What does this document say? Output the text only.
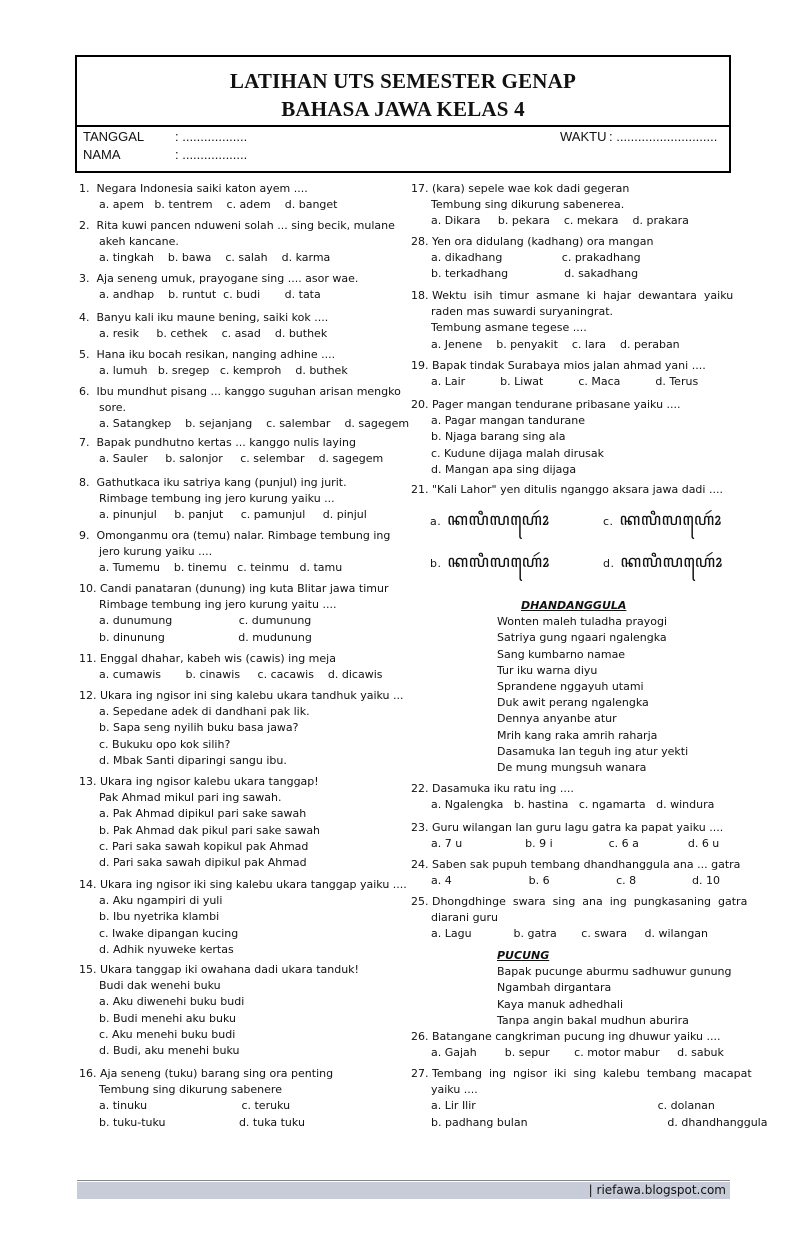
LATIHAN UTS SEMESTER GENAP
BAHASA JAWA KELAS 4
TANGGAL : ..................
NAMA	: ..................
WAKTU : ............................
1.  Negara Indonesia saiki katon ayem ....
a. apem   b. tentrem    c. adem    d. banget
2.  Rita kuwi pancen nduweni solah ... sing becik, mulane
akeh kancane.
a. tingkah    b. bawa    c. salah    d. karma
3.  Aja seneng umuk, prayogane sing .... asor wae.
a. andhap    b. runtut  c. budi       d. tata
4.  Banyu kali iku maune bening, saiki kok ....
a. resik     b. cethek    c. asad    d. buthek
5.  Hana iku bocah resikan, nanging adhine ....
a. lumuh   b. sregep   c. kemproh    d. buthek
6.  Ibu mundhut pisang ... kanggo suguhan arisan mengko
sore.
a. Satangkep    b. sejanjang    c. salembar    d. sagegem
7.  Bapak pundhutno kertas ... kanggo nulis laying
a. Sauler     b. salonjor     c. selembar    d. sagegem
8.  Gathutkaca iku satriya kang (punjul) ing jurit.
Rimbage tembung ing jero kurung yaiku ...
a. pinunjul     b. panjut     c. pamunjul     d. pinjul
9.  Omonganmu ora (temu) nalar. Rimbage tembung ing
jero kurung yaiku ....
a. Tumemu    b. tinemu   c. teinmu   d. tamu
10. Candi panataran (dunung) ing kuta Blitar jawa timur
Rimbage tembung ing jero kurung yaitu ....
a. dunumung                   c. dumunung
b. dinunung                     d. mudunung
11. Enggal dhahar, kabeh wis (cawis) ing meja
a. cumawis       b. cinawis     c. cacawis    d. dicawis
12. Ukara ing ngisor ini sing kalebu ukara tandhuk yaiku ...
a. Sepedane adek di dandhani pak lik.
b. Sapa seng nyilih buku basa jawa?
c. Bukuku opo kok silih?
d. Mbak Santi diparingi sangu ibu.
13. Ukara ing ngisor kalebu ukara tanggap!
Pak Ahmad mikul pari ing sawah.
a. Pak Ahmad dipikul pari sake sawah
b. Pak Ahmad dak pikul pari sake sawah
c. Pari saka sawah kopikul pak Ahmad
d. Pari saka sawah dipikul pak Ahmad
14. Ukara ing ngisor iki sing kalebu ukara tanggap yaiku ....
a. Aku ngampiri di yuli
b. Ibu nyetrika klambi
c. Iwake dipangan kucing
d. Adhik nyuweke kertas
15. Ukara tanggap iki owahana dadi ukara tanduk!
Budi dak wenehi buku
a. Aku diwenehi buku budi
b. Budi menehi aku buku
c. Aku menehi buku budi
d. Budi, aku menehi buku
16. Aja seneng (tuku) barang sing ora penting
Tembung sing dikurung sabenere
a. tinuku                           c. teruku
b. tuku-tuku                     d. tuka tuku
17. (kara) sepele wae kok dadi gegeran
Tembung sing dikurung sabenerea.
a. Dikara     b. pekara    c. mekara    d. prakara
28. Yen ora didulang (kadhang) ora mangan
a. dikadhang                 c. prakadhang
b. terkadhang                d. sakadhang
18. Wektu  isih  timur  asmane  ki  hajar  dewantara  yaiku
raden mas suwardi suryaningrat.
Tembung asmane tegese ....
a. Jenene    b. penyakit    c. lara    d. peraban
19. Bapak tindak Surabaya mios jalan ahmad yani ....
a. Lair          b. Liwat          c. Maca          d. Terus
20. Pager mangan tendurane pribasane yaiku ....
a. Pagar mangan tandurane
b. Njaga barang sing ala
c. Kudune dijaga malah dirusak
d. Mangan apa sing dijaga
21. "Kali Lahor" yen ditulis nganggo aksara jawa dadi ....
22. Dasamuka iku ratu ing ....
a. Ngalengka   b. hastina   c. ngamarta   d. windura
23. Guru wilangan lan guru lagu gatra ka papat yaiku ....
a. 7 u                  b. 9 i                c. 6 a              d. 6 u
24. Saben sak pupuh tembang dhandhanggula ana ... gatra
a. 4                      b. 6                   c. 8                d. 10
25. Dhongdhinge  swara  sing  ana  ing  pungkasaning  gatra
diarani guru
a. Lagu            b. gatra       c. swara     d. wilangan
26. Batangane cangkriman pucung ing dhuwur yaiku ....
a. Gajah        b. sepur       c. motor mabur     d. sabuk
27. Tembang  ing  ngisor  iki  sing  kalebu  tembang  macapat
yaiku ....
a. Lir Ilir                                                    c. dolanan
b. padhang bulan                                        d. dhandhanggula
a. ꦏꦭꦶꦭꦲꦺꦴꦂ	c. ꦏꦭꦶꦭꦲꦺꦴꦂ
b. ꦏꦭꦶꦭꦲꦺꦴꦂ	d. ꦏꦭꦶꦭꦲꦺꦴꦂ
DHANDANGGULA
Wonten maleh tuladha prayogi
Satriya gung ngaari ngalengka
Sang kumbarno namae
Tur iku warna diyu
Sprandene nggayuh utami
Duk awit perang ngalengka
Dennya anyanbe atur
Mrih kang raka amrih raharja
Dasamuka lan teguh ing atur yekti
De mung mungsuh wanara
PUCUNG
Bapak pucunge aburmu sadhuwur gunung
Ngambah dirgantara
Kaya manuk adhedhali
Tanpa angin bakal mudhun aburira
| riefawa.blogspot.com
